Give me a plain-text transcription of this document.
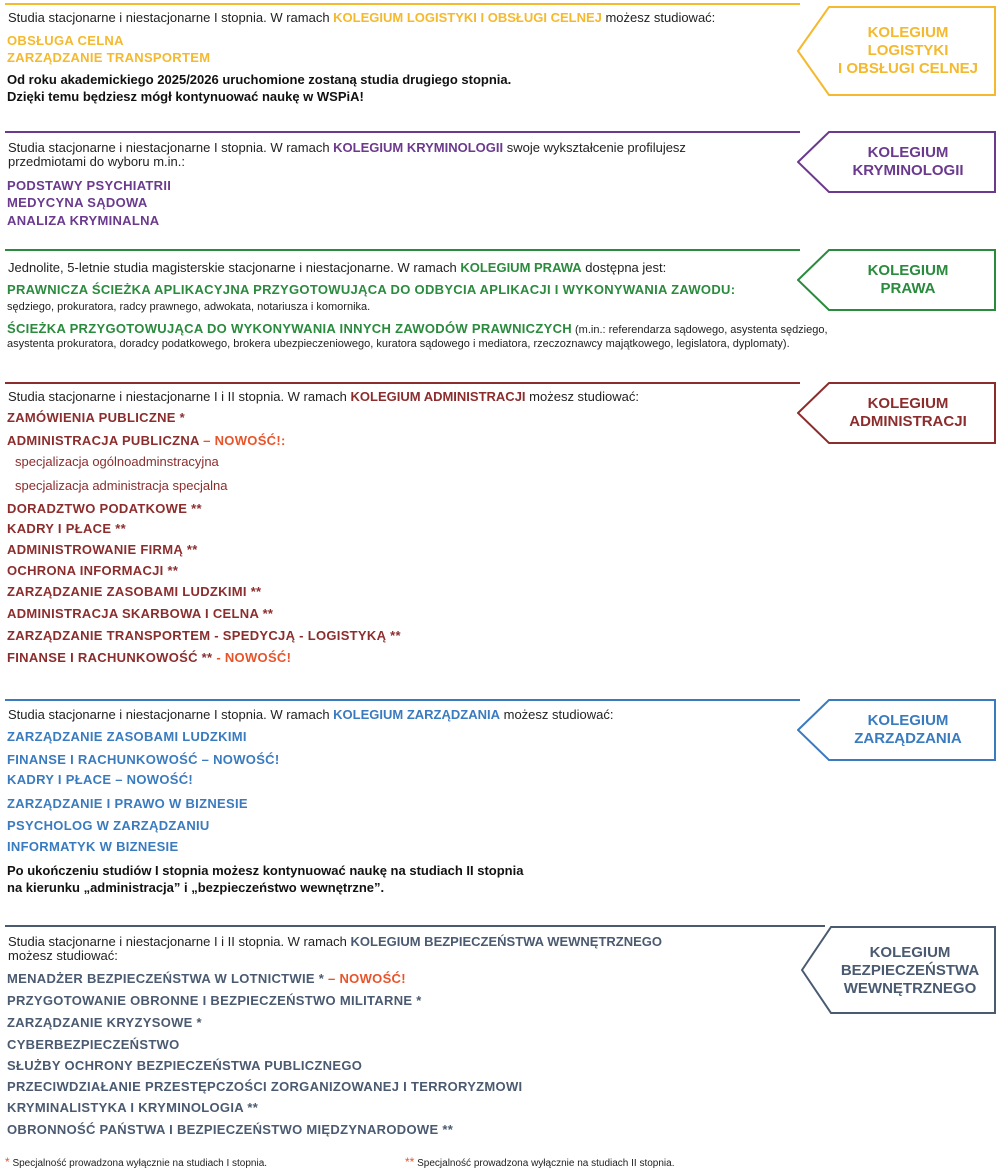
Studia stacjonarne i niestacjonarne I stopnia. W ramach KOLEGIUM LOGISTYKI I OBSŁUGI CELNEJ możesz studiować:
OBSŁUGA CELNA
ZARZĄDZANIE TRANSPORTEM
Od roku akademickiego 2025/2026 uruchomione zostaną studia drugiego stopnia.
Dzięki temu będziesz mógł kontynuować naukę w WSPiA!
KOLEGIUM
LOGISTYKI
I OBSŁUGI CELNEJ
Studia stacjonarne i niestacjonarne I stopnia. W ramach KOLEGIUM KRYMINOLOGII swoje wykształcenie profilujesz
przedmiotami do wyboru m.in.:
PODSTAWY PSYCHIATRII
MEDYCYNA SĄDOWA
ANALIZA KRYMINALNA
KOLEGIUM
KRYMINOLOGII
Jednolite, 5-letnie studia magisterskie stacjonarne i niestacjonarne. W ramach KOLEGIUM PRAWA dostępna jest:
PRAWNICZA ŚCIEŻKA APLIKACYJNA PRZYGOTOWUJĄCA DO ODBYCIA APLIKACJI I WYKONYWANIA ZAWODU:
sędziego, prokuratora, radcy prawnego, adwokata, notariusza i komornika.
ŚCIEŻKA PRZYGOTOWUJĄCA DO WYKONYWANIA INNYCH ZAWODÓW PRAWNICZYCH (m.in.: referendarza sądowego, asystenta sędziego,
asystenta prokuratora, doradcy podatkowego, brokera ubezpieczeniowego, kuratora sądowego i mediatora, rzeczoznawcy majątkowego, legislatora, dyplomaty).
KOLEGIUM
PRAWA
Studia stacjonarne i niestacjonarne I i II stopnia. W ramach KOLEGIUM ADMINISTRACJI możesz studiować:
ZAMÓWIENIA PUBLICZNE *
ADMINISTRACJA PUBLICZNA – NOWOŚĆ!:
specjalizacja ogólnoadminstracyjna
specjalizacja administracja specjalna
DORADZTWO PODATKOWE **
KADRY I PŁACE **
ADMINISTROWANIE FIRMĄ **
OCHRONA INFORMACJI **
ZARZĄDZANIE ZASOBAMI LUDZKIMI **
ADMINISTRACJA SKARBOWA I CELNA **
ZARZĄDZANIE TRANSPORTEM - SPEDYCJĄ - LOGISTYKĄ **
FINANSE I RACHUNKOWOŚĆ ** - NOWOŚĆ!
KOLEGIUM
ADMINISTRACJI
Studia stacjonarne i niestacjonarne I stopnia. W ramach KOLEGIUM ZARZĄDZANIA możesz studiować:
ZARZĄDZANIE ZASOBAMI LUDZKIMI
FINANSE I RACHUNKOWOŚĆ – NOWOŚĆ!
KADRY I PŁACE – NOWOŚĆ!
ZARZĄDZANIE I PRAWO W BIZNESIE
PSYCHOLOG W ZARZĄDZANIU
INFORMATYK W BIZNESIE
Po ukończeniu studiów I stopnia możesz kontynuować naukę na studiach II stopnia
na kierunku „administracja” i „bezpieczeństwo wewnętrzne”.
KOLEGIUM
ZARZĄDZANIA
Studia stacjonarne i niestacjonarne I i II stopnia. W ramach KOLEGIUM BEZPIECZEŃSTWA WEWNĘTRZNEGO
możesz studiować:
MENADŻER BEZPIECZEŃSTWA W LOTNICTWIE * – NOWOŚĆ!
PRZYGOTOWANIE OBRONNE I BEZPIECZEŃSTWO MILITARNE *
ZARZĄDZANIE KRYZYSOWE *
CYBERBEZPIECZEŃSTWO
SŁUŻBY OCHRONY BEZPIECZEŃSTWA PUBLICZNEGO
PRZECIWDZIAŁANIE PRZESTĘPCZOŚCI ZORGANIZOWANEJ I TERRORYZMOWI
KRYMINALISTYKA I KRYMINOLOGIA **
OBRONNOŚĆ PAŃSTWA I BEZPIECZEŃSTWO MIĘDZYNARODOWE **
KOLEGIUM
BEZPIECZEŃSTWA
WEWNĘTRZNEGO
* Specjalność prowadzona wyłącznie na studiach I stopnia.	** Specjalność prowadzona wyłącznie na studiach II stopnia.
